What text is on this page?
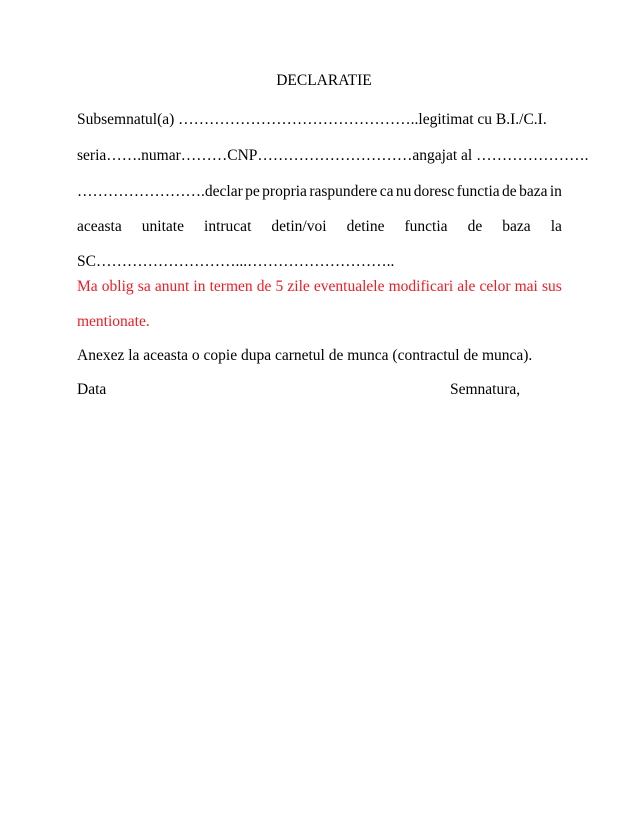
DECLARATIE
Subsemnatul(a) ………………………………………..legitimat cu B.I./C.I.
seria…….numar………CNP…………………………angajat al ………………….
…………………….declar pe propria raspundere ca nu doresc functia de baza in
aceasta unitate intrucat detin/voi detine functia de baza la
SC………………………...………………………..
Ma oblig sa anunt in termen de 5 zile eventualele modificari ale celor mai sus
mentionate.
Anexez la aceasta o copie dupa carnetul de munca (contractul de munca).
Data	Semnatura,
